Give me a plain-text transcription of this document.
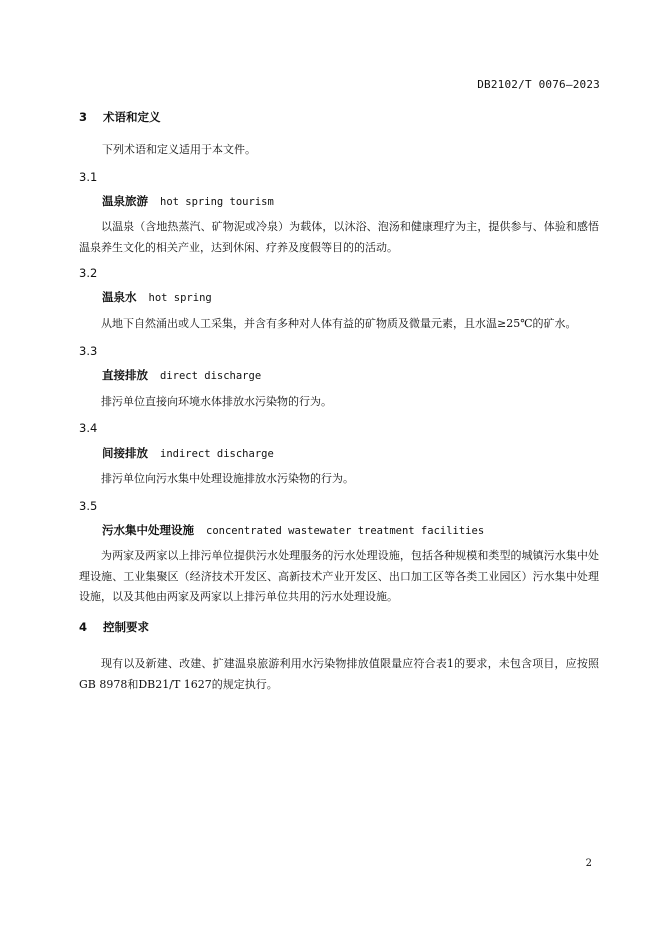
DB2102/T 0076—2023
3 术语和定义
下列术语和定义适用于本文件。
3.1
温泉旅游 hot spring tourism
以温泉（含地热蒸汽、矿物泥或冷泉）为载体，以沐浴、泡汤和健康理疗为主，提供参与、体验和感悟温泉养生文化的相关产业，达到休闲、疗养及度假等目的的活动。
3.2
温泉水 hot spring
从地下自然涌出或人工采集，并含有多种对人体有益的矿物质及微量元素，且水温≥25℃的矿水。
3.3
直接排放 direct discharge
排污单位直接向环境水体排放水污染物的行为。
3.4
间接排放 indirect discharge
排污单位向污水集中处理设施排放水污染物的行为。
3.5
污水集中处理设施 concentrated wastewater treatment facilities
为两家及两家以上排污单位提供污水处理服务的污水处理设施，包括各种规模和类型的城镇污水集中处理设施、工业集聚区（经济技术开发区、高新技术产业开发区、出口加工区等各类工业园区）污水集中处理设施，以及其他由两家及两家以上排污单位共用的污水处理设施。
4 控制要求
现有以及新建、改建、扩建温泉旅游利用水污染物排放值限量应符合表1的要求，未包含项目，应按照GB 8978和DB21/T 1627的规定执行。
2
